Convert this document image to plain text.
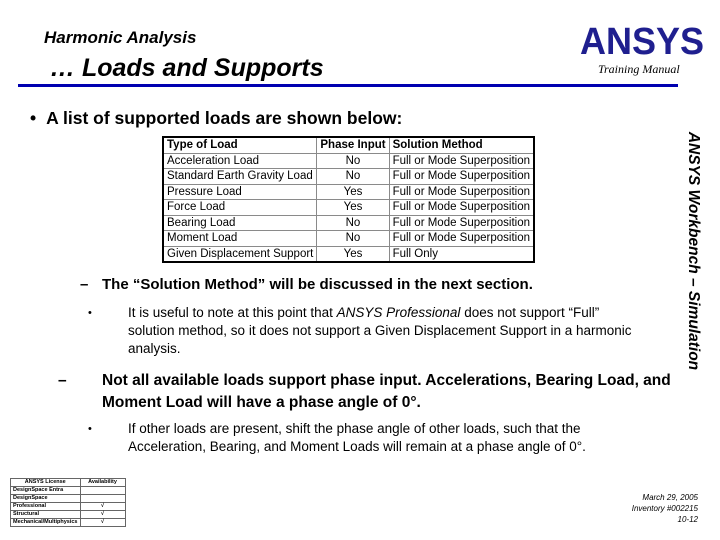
Harmonic Analysis
… Loads and Supports
ANSYS
Training Manual
ANSYS Workbench – Simulation
• A list of supported loads are shown below:
Type of Load	Phase Input	Solution Method
Acceleration Load	No	Full or Mode Superposition
Standard Earth Gravity Load	No	Full or Mode Superposition
Pressure Load	Yes	Full or Mode Superposition
Force Load	Yes	Full or Mode Superposition
Bearing Load	No	Full or Mode Superposition
Moment Load	No	Full or Mode Superposition
Given Displacement Support	Yes	Full Only
– The “Solution Method” will be discussed in the next section.
•	It is useful to note at this point that ANSYS Professional does not support “Full” solution method, so it does not support a Given Displacement Support in a harmonic analysis.
– Not all available loads support phase input. Accelerations, Bearing Load, and Moment Load will have a phase angle of 0°.
•	If other loads are present, shift the phase angle of other loads, such that the Acceleration, Bearing, and Moment Loads will remain at a phase angle of 0°.
ANSYS License	Availability
DesignSpace Entra	
DesignSpace	
Professional	√
Structural	√
Mechanical/Multiphysics	√
March 29, 2005
Inventory #002215
10-12
